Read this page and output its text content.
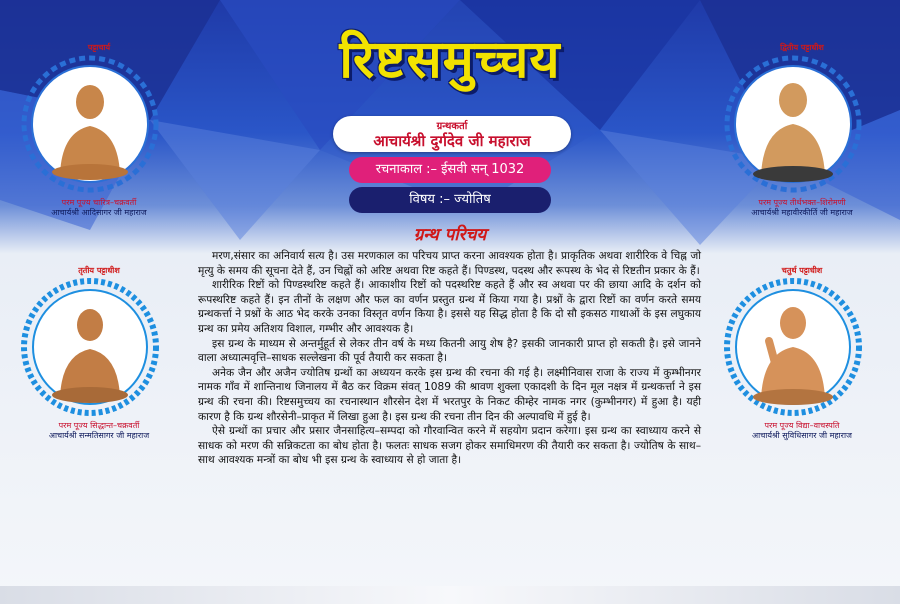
रिष्टसमुच्चय
ग्रन्थकर्ता
आचार्यश्री दुर्गदेव जी महाराज
रचनाकाल :– ईसवी सन् 1032
विषय :– ज्योतिष
ग्रन्थ परिचय

मरण,संसार का अनिवार्य सत्य है। उस मरणकाल का परिचय प्राप्त करना आवश्यक होता है। प्राकृतिक अथवा शारीरिक वे चिह्न जो मृत्यु के समय की सूचना देते हैं, उन चिह्नों को अरिष्ट अथवा रिष्ट कहते हैं। पिण्डस्थ, पदस्थ और रूपस्थ के भेद से रिष्टतीन प्रकार के हैं।

शारीरिक रिष्टों को पिण्डस्थरिष्ट कहते हैं। आकाशीय रिष्टों को पदस्थरिष्ट कहते हैं और स्व अथवा पर की छाया आदि के दर्शन को रूपस्थरिष्ट कहते हैं। इन तीनों के लक्षण और फल का वर्णन प्रस्तुत ग्रन्थ में किया गया है। प्रश्नों के द्वारा रिष्टों का वर्णन करते समय ग्रन्थकर्त्ता ने प्रश्नों के आठ भेद करके उनका विस्तृत वर्णन किया है। इससे यह सिद्ध होता है कि दो सौ इकसठ गाथाओं के इस लघुकाय ग्रन्थ का प्रमेय अतिशय विशाल, गम्भीर और आवश्यक है।

इस ग्रन्थ के माध्यम से अन्तर्मुहूर्त से लेकर तीन वर्ष के मध्य कितनी आयु शेष है? इसकी जानकारी प्राप्त हो सकती है। इसे जानने वाला अध्यात्मवृत्ति–साधक सल्लेखना की पूर्व तैयारी कर सकता है।

अनेक जैन और अजैन ज्योतिष ग्रन्थों का अध्ययन करके इस ग्रन्थ की रचना की गई है। लक्ष्मीनिवास राजा के राज्य में कुम्भीनगर नामक गाँव में शान्तिनाथ जिनालय में बैठ कर विक्रम संवत् 1089 की श्रावण शुक्ला एकादशी के दिन मूल नक्षत्र में ग्रन्थकर्त्ता ने इस ग्रन्थ की रचना की। रिष्टसमुच्चय का रचनास्थान शौरसेन देश में भरतपुर के निकट कीम्हेर नामक नगर (कुम्भीनगर) में हुआ है। यही कारण है कि ग्रन्थ शौरसेनी–प्राकृत में लिखा हुआ है। इस ग्रन्थ की रचना तीन दिन की अल्पावधि में हुई है।

ऐसे ग्रन्थों का प्रचार और प्रसार जैनसाहित्य–सम्पदा को गौरवान्वित करने में सहयोग प्रदान करेगा। इस ग्रन्थ का स्वाध्याय करने से साधक को मरण की सन्निकटता का बोध होता है। फलतः साधक सजग होकर समाधिमरण की तैयारी कर सकता है। ज्योतिष के साथ–साथ आवश्यक मन्त्रों का बोध भी इस ग्रन्थ के स्वाध्याय से हो जाता है।

पट्टाचार्य
परम पूज्य चारित्र–चक्रवर्ती
आचार्यश्री आदिसागर जी महाराज
द्वितीय पट्टाधीश
परम पूज्य तीर्थभक्त–शिरोमणी
आचार्यश्री महावीरकीर्ति जी महाराज
तृतीय पट्टाधीश
परम पूज्य सिद्धान्त–चक्रवर्ती
आचार्यश्री सन्मतिसागर जी महाराज
चतुर्थ पट्टाधीश
परम पूज्य विद्या–वाचस्पति
आचार्यश्री सुविधिसागर जी महाराज
